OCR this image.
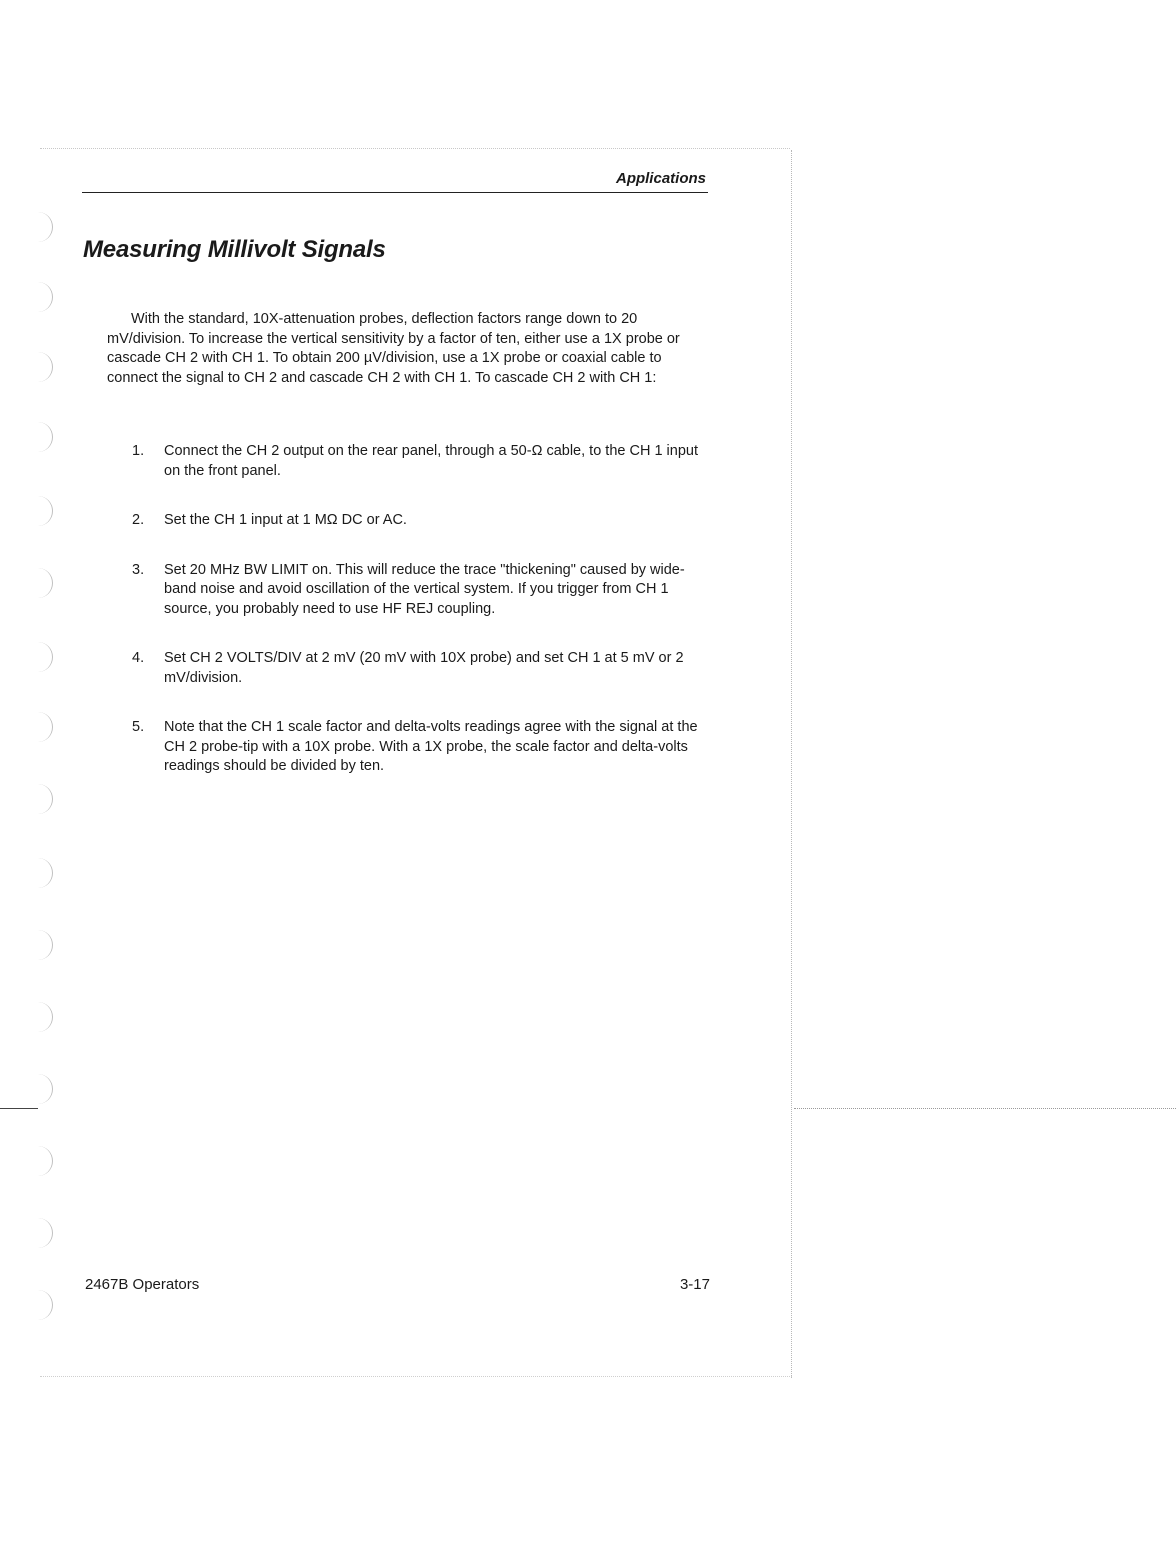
Applications
Measuring Millivolt Signals

With the standard, 10X-attenuation probes, deflection factors range down to 20 mV/division. To increase the vertical sensitivity by a factor of ten, either use a 1X probe or cascade CH 2 with CH 1. To obtain 200 µV/division, use a 1X probe or coaxial cable to connect the signal to CH 2 and cascade CH 2 with CH 1. To cascade CH 2 with CH 1:

1. Connect the CH 2 output on the rear panel, through a 50-Ω cable, to the CH 1 input on the front panel.
2. Set the CH 1 input at 1 MΩ DC or AC.
3. Set 20 MHz BW LIMIT on. This will reduce the trace "thickening" caused by wide-band noise and avoid oscillation of the vertical system. If you trigger from CH 1 source, you probably need to use HF REJ coupling.
4. Set CH 2 VOLTS/DIV at 2 mV (20 mV with 10X probe) and set CH 1 at 5 mV or 2 mV/division.
5. Note that the CH 1 scale factor and delta-volts readings agree with the signal at the CH 2 probe-tip with a 10X probe. With a 1X probe, the scale factor and delta-volts readings should be divided by ten.
2467B Operators	3-17
